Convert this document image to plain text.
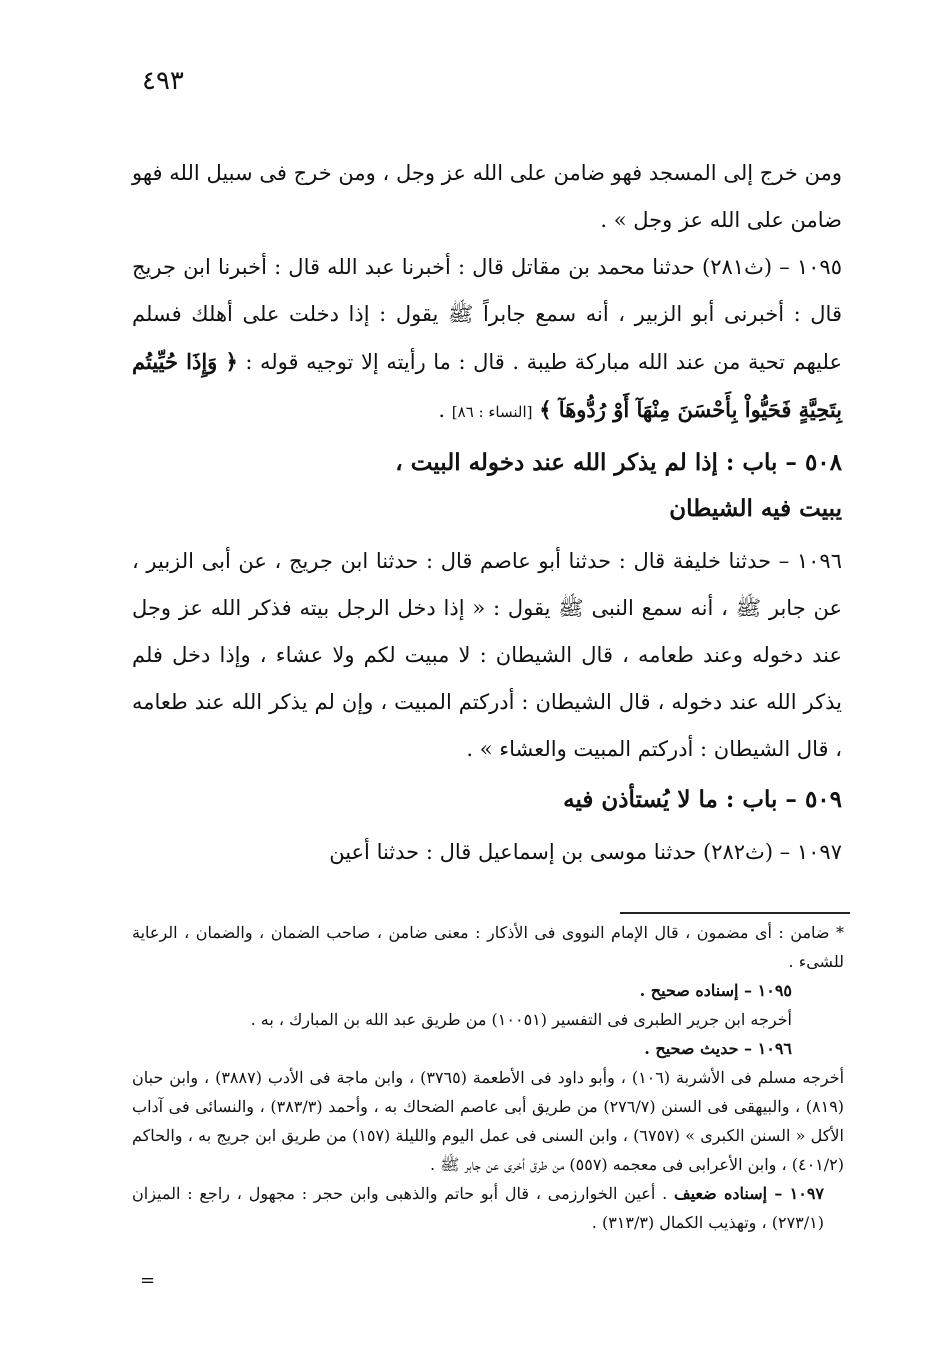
٤٩٣

ومن خرج إلى المسجد فهو ضامن على الله عز وجل ، ومن خرج فى سبيل الله فهو ضامن على الله عز وجل » .

١٠٩٥ – (ث٢٨١) حدثنا محمد بن مقاتل قال : أخبرنا عبد الله قال : أخبرنا ابن جريج قال : أخبرنى أبو الزبير ، أنه سمع جابراً ﷺ يقول : إذا دخلت على أهلك فسلم عليهم تحية من عند الله مباركة طيبة . قال : ما رأيته إلا توجيه قوله : ﴿ وَإِذَا حُيِّيتُم بِتَحِيَّةٍ فَحَيُّواْ بِأَحْسَنَ مِنْهَآ أَوْ رُدُّوهَآ ﴾ [النساء : ٨٦] .

٥٠٨ – باب : إذا لم يذكر الله عند دخوله البيت ،
يبيت فيه الشيطان

١٠٩٦ – حدثنا خليفة قال : حدثنا أبو عاصم قال : حدثنا ابن جريج ، عن أبى الزبير ، عن جابر ﷺ ، أنه سمع النبى ﷺ يقول : « إذا دخل الرجل بيته فذكر الله عز وجل عند دخوله وعند طعامه ، قال الشيطان : لا مبيت لكم ولا عشاء ، وإذا دخل فلم يذكر الله عند دخوله ، قال الشيطان : أدركتم المبيت ، وإن لم يذكر الله عند طعامه ، قال الشيطان : أدركتم المبيت والعشاء » .

٥٠٩ – باب : ما لا يُستأذن فيه

١٠٩٧ – (ث٢٨٢) حدثنا موسى بن إسماعيل قال : حدثنا أعين

* ضامن : أى مضمون ، قال الإمام النووى فى الأذكار : معنى ضامن ، صاحب الضمان ، والضمان ، الرعاية للشىء .

١٠٩٥ – إسناده صحيح .

أخرجه ابن جرير الطبرى فى التفسير (١٠٠٥١) من طريق عبد الله بن المبارك ، به .

١٠٩٦ – حديث صحيح .

أخرجه مسلم فى الأشربة (١٠٦) ، وأبو داود فى الأطعمة (٣٧٦٥) ، وابن ماجة فى الأدب (٣٨٨٧) ، وابن حبان (٨١٩) ، والبيهقى فى السنن (٢٧٦/٧) من طريق أبى عاصم الضحاك به ، وأحمد (٣٨٣/٣) ، والنسائى فى آداب الأكل « السنن الكبرى » (٦٧٥٧) ، وابن السنى فى عمل اليوم والليلة (١٥٧) من طريق ابن جريج به ، والحاكم (٤٠١/٢) ، وابن الأعرابى فى معجمه (٥٥٧) من طرق أخرى عن جابر ﷺ .

١٠٩٧ – إسناده ضعيف . أعين الخوارزمى ، قال أبو حاتم والذهبى وابن حجر : مجهول ، راجع : الميزان (٢٧٣/١) ، وتهذيب الكمال (٣١٣/٣) .

=
